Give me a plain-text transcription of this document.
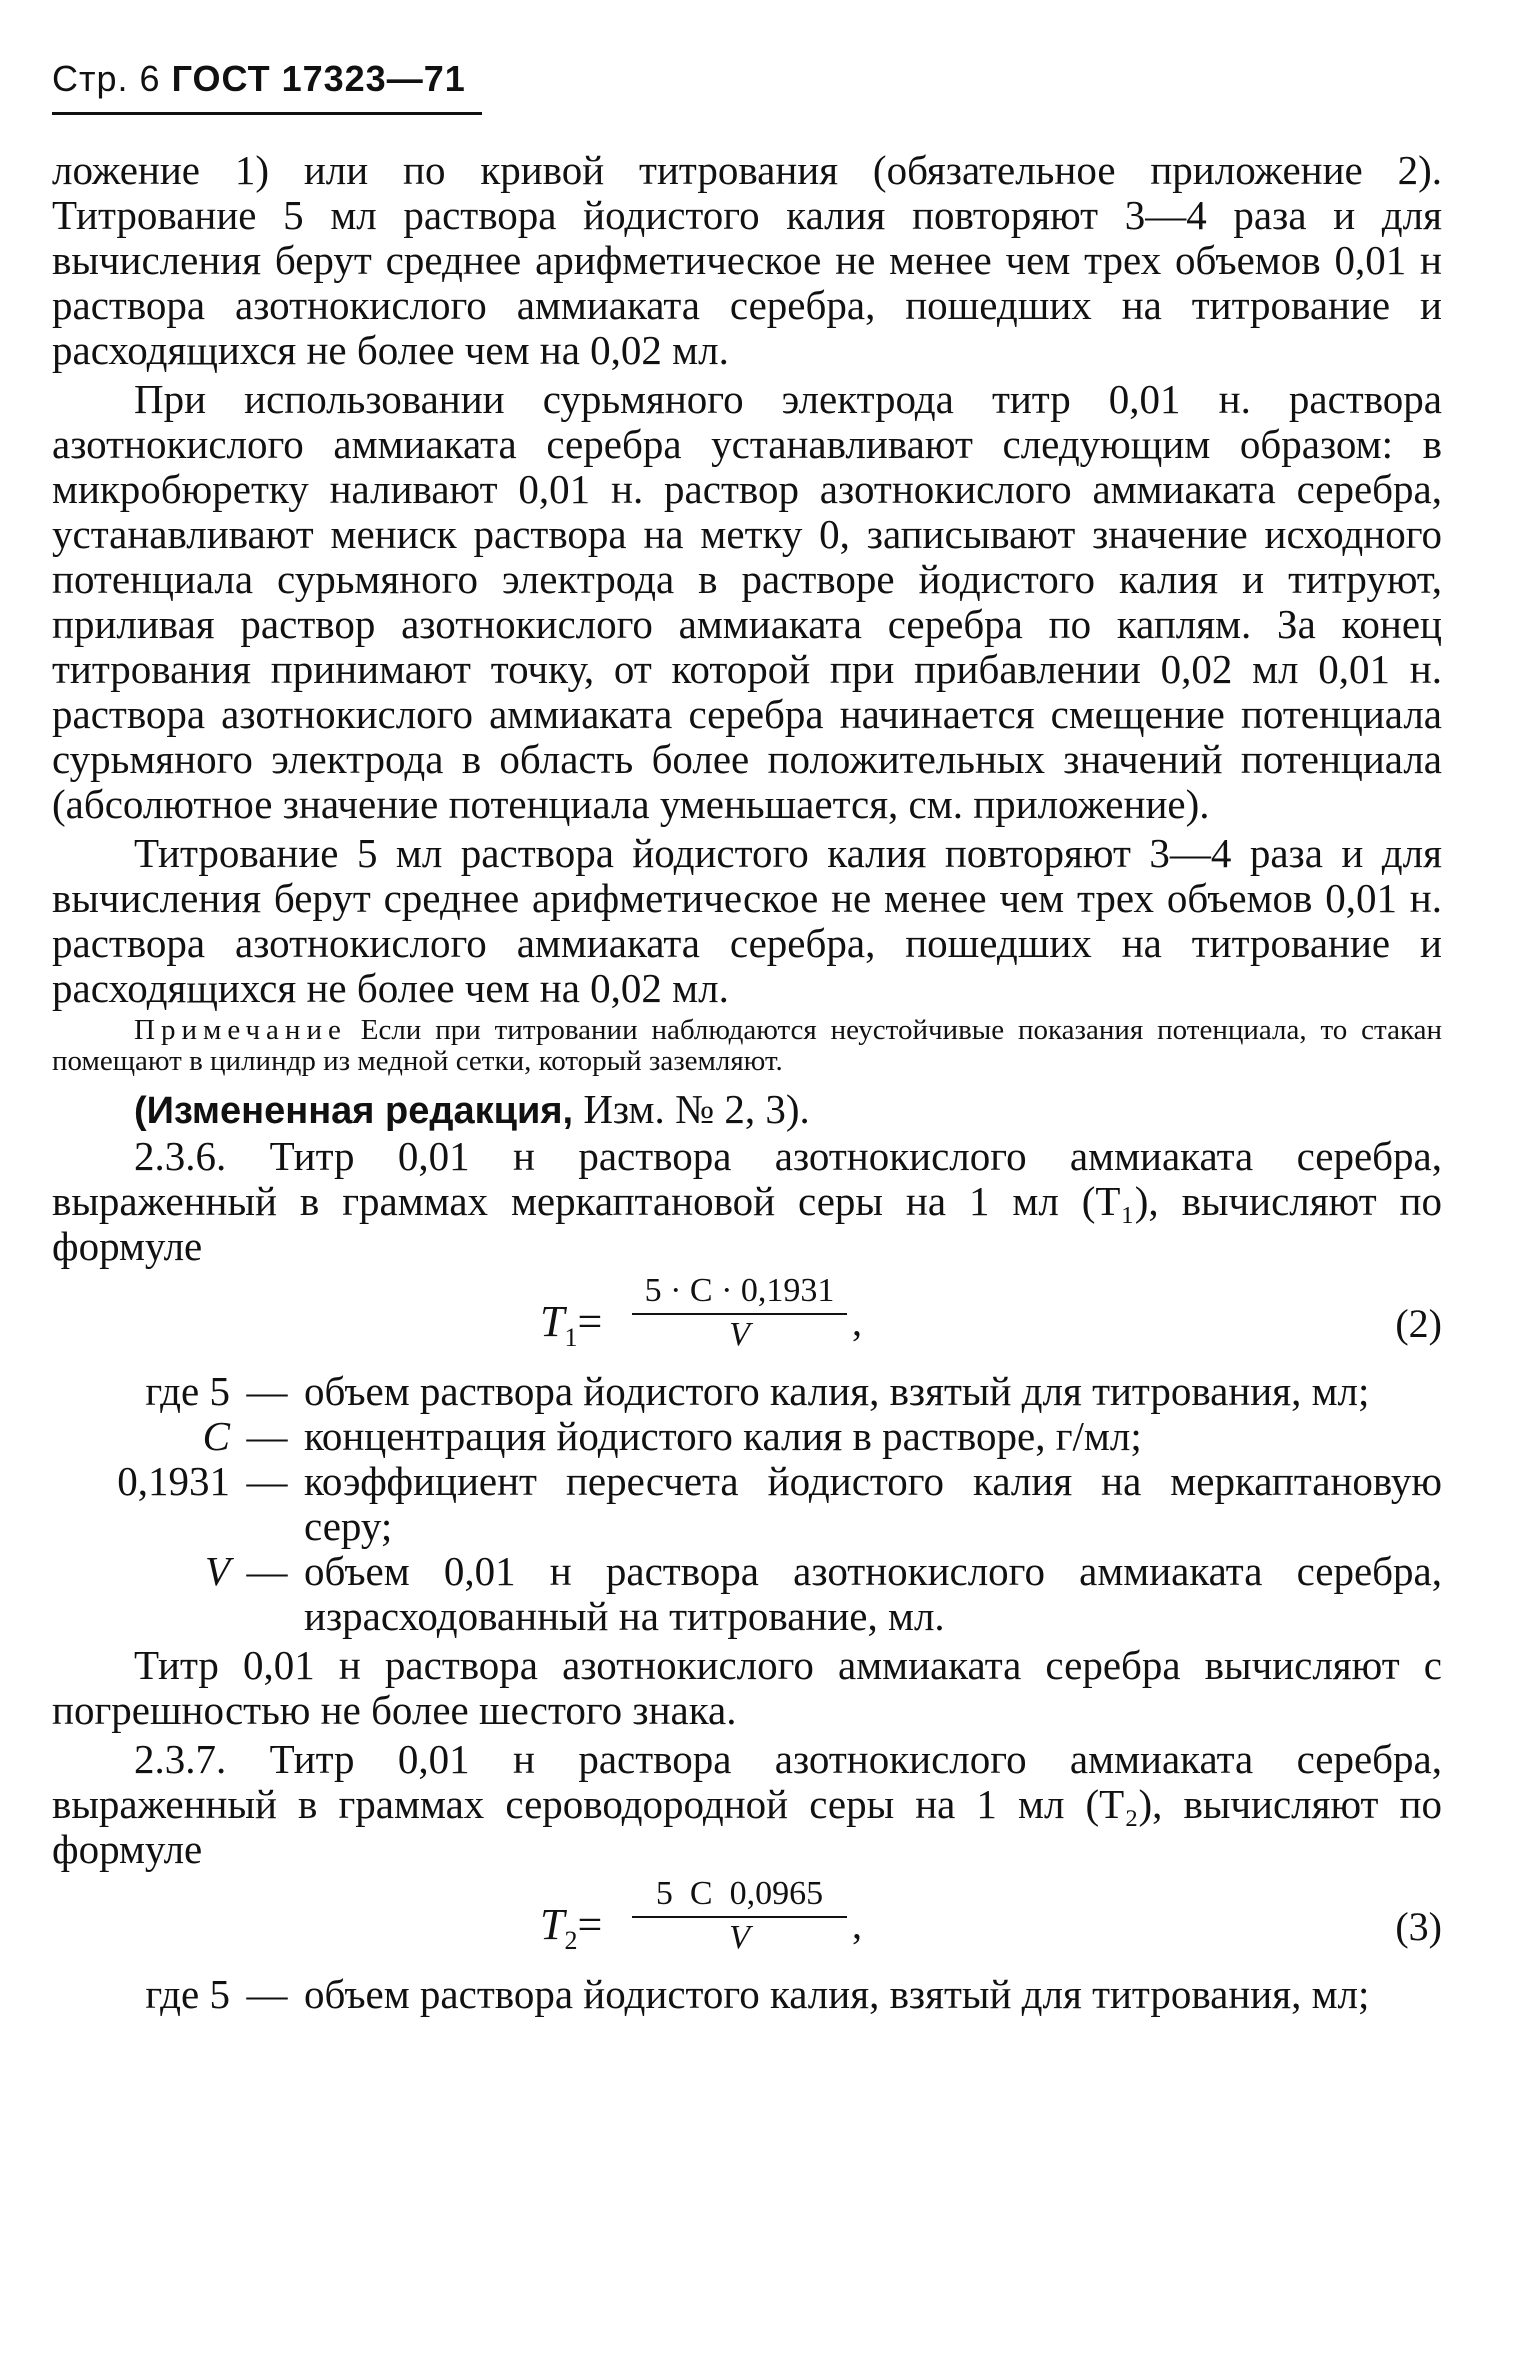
Стр. 6 ГОСТ 17323—71

ложение 1) или по кривой титрования (обязательное приложение 2). Титрование 5 мл раствора йодистого калия повторяют 3—4 раза и для вычисления берут среднее арифметическое не менее чем трех объемов 0,01 н раствора азотнокислого аммиаката серебра, пошедших на титрование и расходящихся не более чем на 0,02 мл.

При использовании сурьмяного электрода титр 0,01 н. раствора азотнокислого аммиаката серебра устанавливают следующим образом: в микробюретку наливают 0,01 н. раствор азотнокислого аммиаката серебра, устанавливают мениск раствора на метку 0, записывают значение исходного потенциала сурьмяного электрода в растворе йодистого калия и титруют, приливая раствор азотнокислого аммиаката серебра по каплям. За конец титрования принимают точку, от которой при прибавлении 0,02 мл 0,01 н. раствора азотнокислого аммиаката серебра начинается смещение потенциала сурьмяного электрода в область более положительных значений потенциала (абсолютное значение потенциала уменьшается, см. приложение).

Титрование 5 мл раствора йодистого калия повторяют 3—4 раза и для вычисления берут среднее арифметическое не менее чем трех объемов 0,01 н. раствора азотнокислого аммиаката серебра, пошедших на титрование и расходящихся не более чем на 0,02 мл.

Примечание Если при титровании наблюдаются неустойчивые показания потенциала, то стакан помещают в цилиндр из медной сетки, который заземляют.

(Измененная редакция, Изм. № 2, 3).

2.3.6. Титр 0,01 н раствора азотнокислого аммиаката серебра, выраженный в граммах меркаптановой серы на 1 мл (T₁), вычисляют по формуле

$T_1= \frac{5 \cdot C \cdot 0,1931}{V}$ ,	(2)
где 5 — объем раствора йодистого калия, взятый для титрования, мл;
C — концентрация йодистого калия в растворе, г/мл;
0,1931 — коэффициент пересчета йодистого калия на меркаптановую серу;
V — объем 0,01 н раствора азотнокислого аммиаката серебра, израсходованный на титрование, мл.

Титр 0,01 н раствора азотнокислого аммиаката серебра вычисляют с погрешностью не более шестого знака.

2.3.7. Титр 0,01 н раствора азотнокислого аммиаката серебра, выраженный в граммах сероводородной серы на 1 мл (T₂), вычисляют по формуле

$T_2= \frac{5 C 0,0965}{V}$ ,	(3)
где 5 — объем раствора йодистого калия, взятый для титрования, мл;
